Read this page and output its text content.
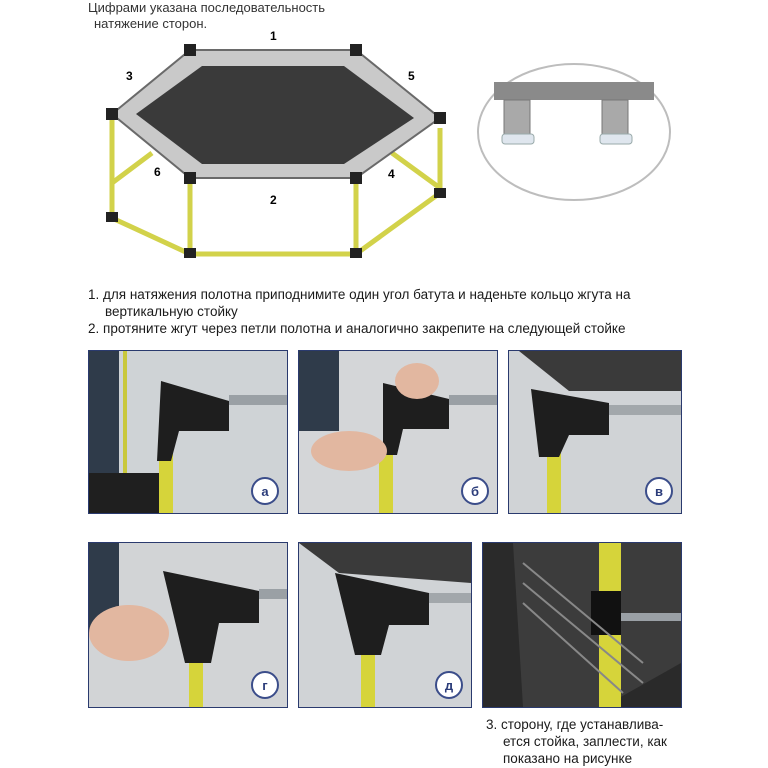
Цифрами указана последовательность
натяжение сторон.
1
2
3
4
5
6

1. для натяжения полотна приподнимите один угол батута и наденьте кольцо жгута на

вертикальную стойку

2. протяните жгут через петли полотна и аналогично закрепите на следующей стойке

а	б	в
г	д
3. сторону, где устанавлива-
ется стойка, заплести, как
показано на рисунке
